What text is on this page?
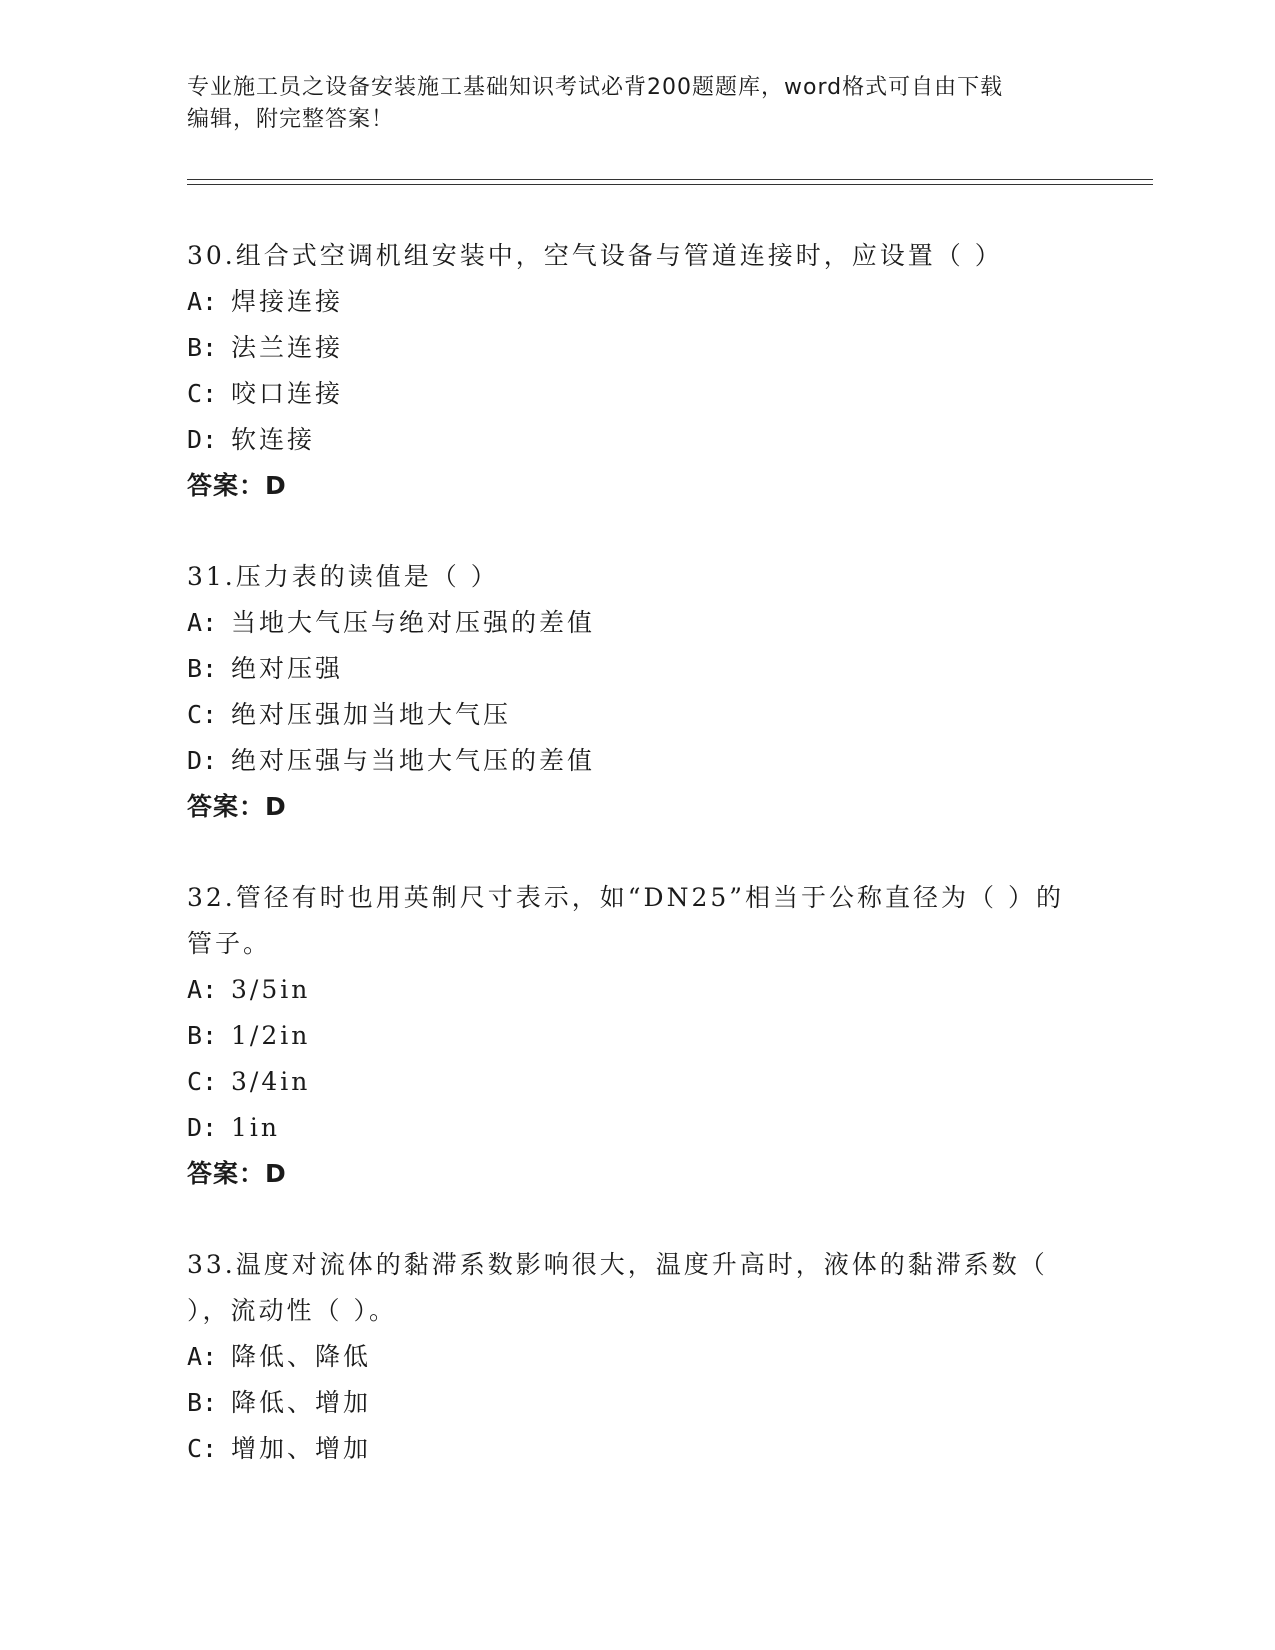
专业施工员之设备安装施工基础知识考试必背200题题库，word格式可自由下载
编辑，附完整答案！
30.组合式空调机组安装中，空气设备与管道连接时，应设置（ ）
A: 焊接连接
B: 法兰连接
C: 咬口连接
D: 软连接
答案：D
31.压力表的读值是（ ）
A: 当地大气压与绝对压强的差值
B: 绝对压强
C: 绝对压强加当地大气压
D: 绝对压强与当地大气压的差值
答案：D
32.管径有时也用英制尺寸表示，如“DN25”相当于公称直径为（ ）的管子。
A: 3/5in
B: 1/2in
C: 3/4in
D: 1in
答案：D
33.温度对流体的黏滞系数影响很大，温度升高时，液体的黏滞系数（ ），流动性（ ）。
A: 降低、降低
B: 降低、增加
C: 增加、增加
